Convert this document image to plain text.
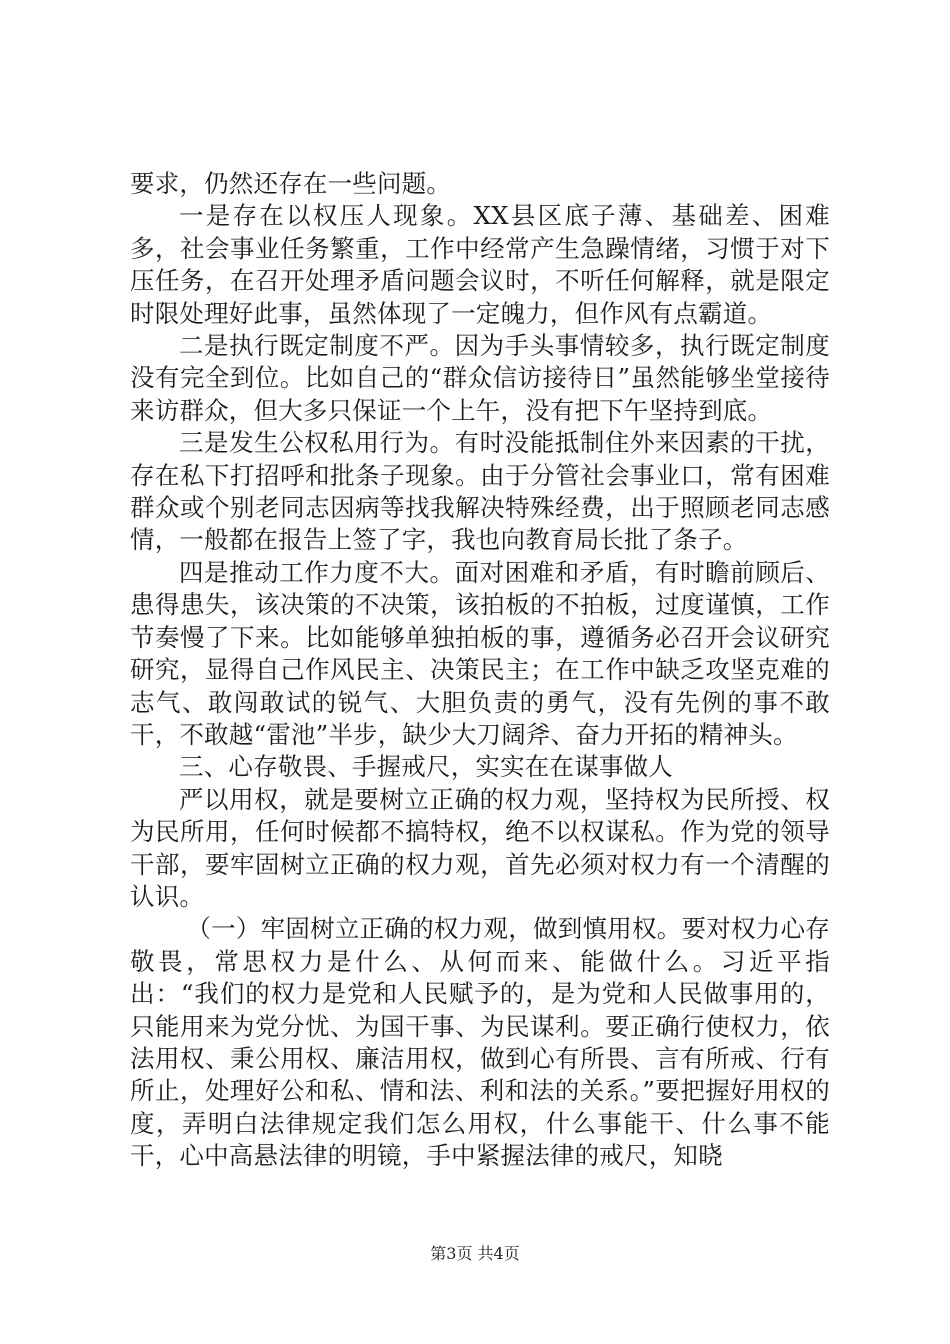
要求，仍然还存在一些问题。

一是存在以权压人现象。XX县区底子薄、基础差、困难多，社会事业任务繁重，工作中经常产生急躁情绪，习惯于对下压任务，在召开处理矛盾问题会议时，不听任何解释，就是限定时限处理好此事，虽然体现了一定魄力，但作风有点霸道。

二是执行既定制度不严。因为手头事情较多，执行既定制度没有完全到位。比如自己的“群众信访接待日”虽然能够坐堂接待来访群众，但大多只保证一个上午，没有把下午坚持到底。

三是发生公权私用行为。有时没能抵制住外来因素的干扰，存在私下打招呼和批条子现象。由于分管社会事业口，常有困难群众或个别老同志因病等找我解决特殊经费，出于照顾老同志感情，一般都在报告上签了字，我也向教育局长批了条子。

四是推动工作力度不大。面对困难和矛盾，有时瞻前顾后、患得患失，该决策的不决策，该拍板的不拍板，过度谨慎，工作节奏慢了下来。比如能够单独拍板的事，遵循务必召开会议研究研究，显得自己作风民主、决策民主；在工作中缺乏攻坚克难的志气、敢闯敢试的锐气、大胆负责的勇气，没有先例的事不敢干，不敢越“雷池”半步，缺少大刀阔斧、奋力开拓的精神头。

三、心存敬畏、手握戒尺，实实在在谋事做人

严以用权，就是要树立正确的权力观，坚持权为民所授、权为民所用，任何时候都不搞特权，绝不以权谋私。作为党的领导干部，要牢固树立正确的权力观，首先必须对权力有一个清醒的认识。

（一）牢固树立正确的权力观，做到慎用权。要对权力心存敬畏，常思权力是什么、从何而来、能做什么。习近平指出：“我们的权力是党和人民赋予的，是为党和人民做事用的，只能用来为党分忧、为国干事、为民谋利。要正确行使权力，依法用权、秉公用权、廉洁用权，做到心有所畏、言有所戒、行有所止，处理好公和私、情和法、利和法的关系。”要把握好用权的度，弄明白法律规定我们怎么用权，什么事能干、什么事不能干，心中高悬法律的明镜，手中紧握法律的戒尺，知晓

第3页 共4页
